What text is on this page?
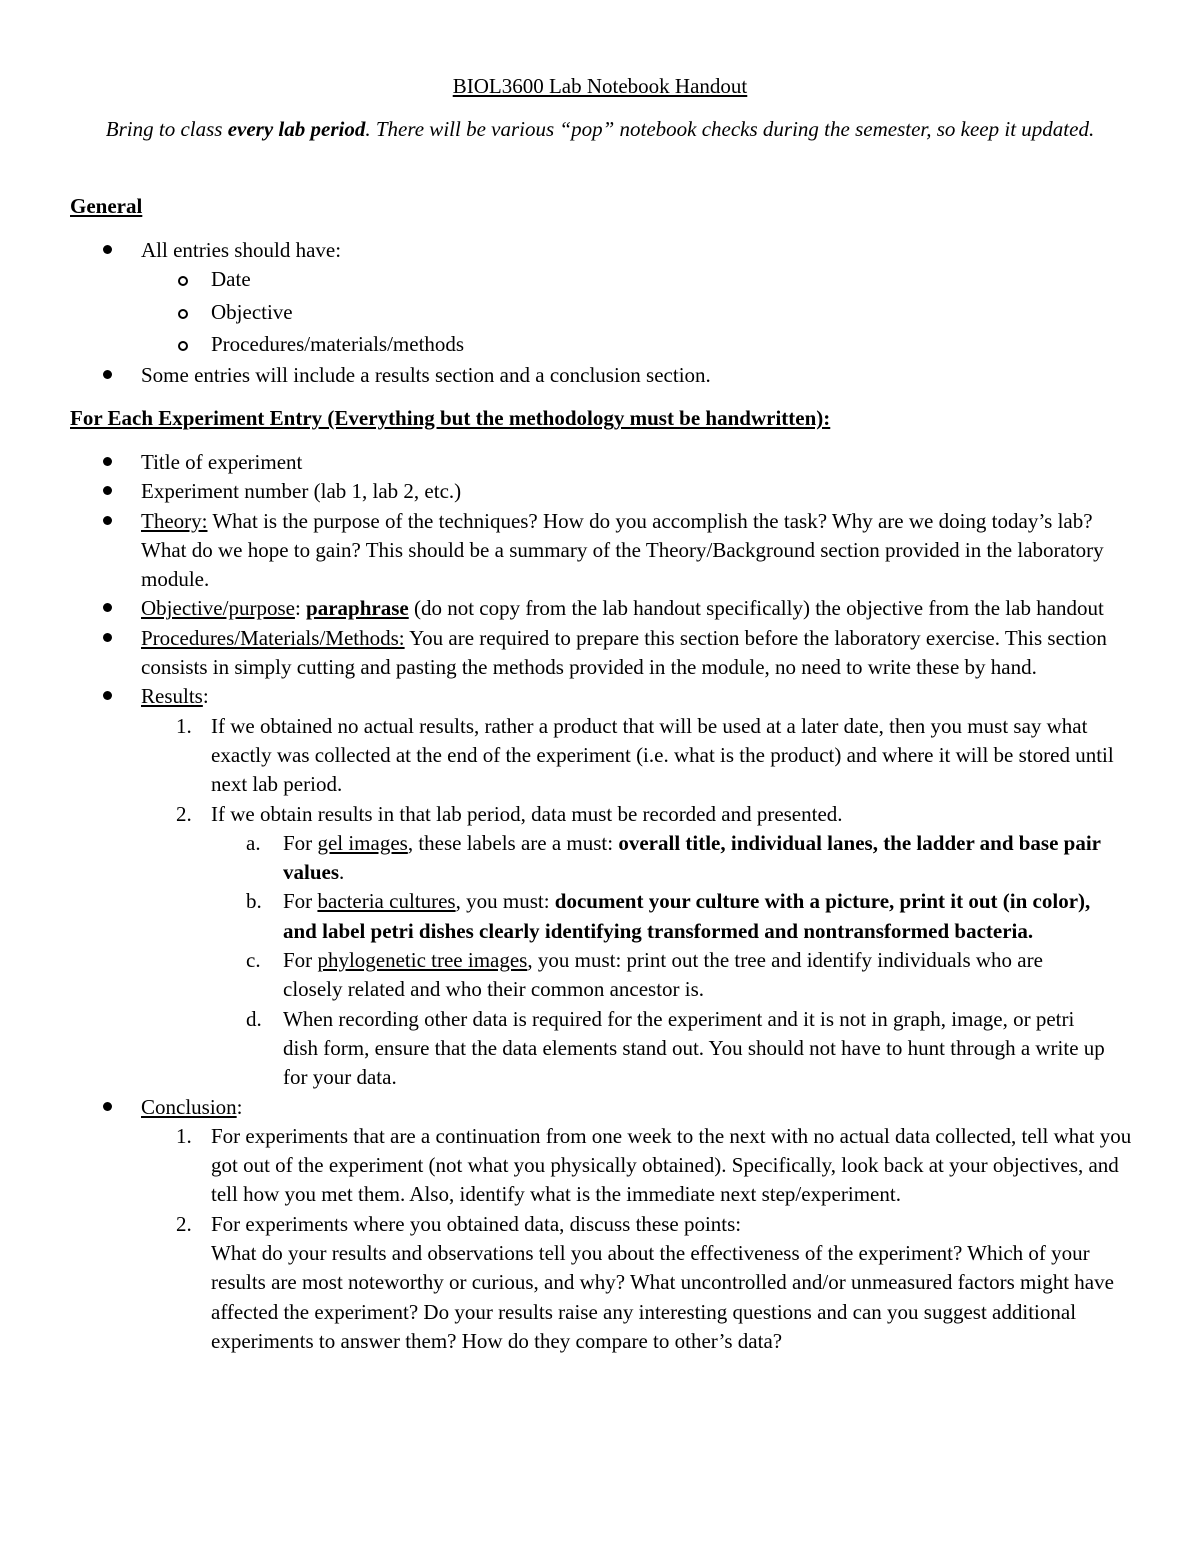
BIOL3600 Lab Notebook Handout
Bring to class every lab period. There will be various “pop” notebook checks during the semester, so keep it updated.
General
All entries should have:
Date
Objective
Procedures/materials/methods
Some entries will include a results section and a conclusion section.
For Each Experiment Entry (Everything but the methodology must be handwritten):
Title of experiment
Experiment number (lab 1, lab 2, etc.)
Theory: What is the purpose of the techniques? How do you accomplish the task? Why are we doing today’s lab? What do we hope to gain? This should be a summary of the Theory/Background section provided in the laboratory module.
Objective/purpose: paraphrase (do not copy from the lab handout specifically) the objective from the lab handout
Procedures/Materials/Methods: You are required to prepare this section before the laboratory exercise. This section consists in simply cutting and pasting the methods provided in the module, no need to write these by hand.
Results:
1. If we obtained no actual results, rather a product that will be used at a later date, then you must say what exactly was collected at the end of the experiment (i.e. what is the product) and where it will be stored until next lab period.
2. If we obtain results in that lab period, data must be recorded and presented.
a. For gel images, these labels are a must: overall title, individual lanes, the ladder and base pair values.
b. For bacteria cultures, you must: document your culture with a picture, print it out (in color), and label petri dishes clearly identifying transformed and nontransformed bacteria.
c. For phylogenetic tree images, you must: print out the tree and identify individuals who are closely related and who their common ancestor is.
d. When recording other data is required for the experiment and it is not in graph, image, or petri dish form, ensure that the data elements stand out. You should not have to hunt through a write up for your data.
Conclusion:
1. For experiments that are a continuation from one week to the next with no actual data collected, tell what you got out of the experiment (not what you physically obtained). Specifically, look back at your objectives, and tell how you met them. Also, identify what is the immediate next step/experiment.
2. For experiments where you obtained data, discuss these points:
What do your results and observations tell you about the effectiveness of the experiment? Which of your results are most noteworthy or curious, and why? What uncontrolled and/or unmeasured factors might have affected the experiment? Do your results raise any interesting questions and can you suggest additional experiments to answer them? How do they compare to other’s data?
